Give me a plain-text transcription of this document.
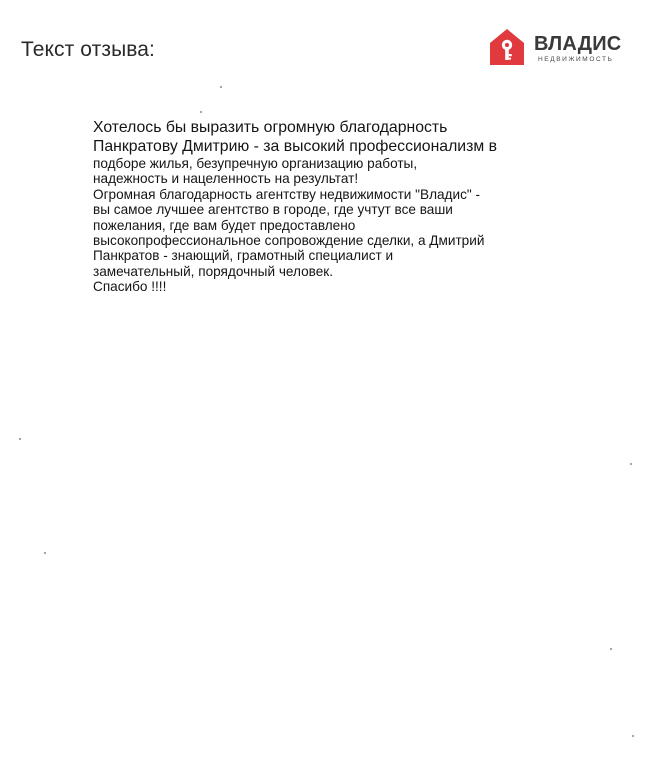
Текст отзыва:	ВЛАДИС
НЕДВИЖИМОСТЬ

Хотелось бы выразить огромную благодарность

Панкратову Дмитрию - за высокий профессионализм в

подборе жилья, безупречную организацию работы,

надежность и нацеленность на результат!

Огромная благодарность агентству недвижимости "Владис" -

вы самое лучшее агентство в городе, где учтут все ваши

пожелания, где вам будет предоставлено

высокопрофессиональное сопровождение сделки, а Дмитрий

Панкратов - знающий, грамотный специалист и

замечательный, порядочный человек.

Спасибо !!!!
